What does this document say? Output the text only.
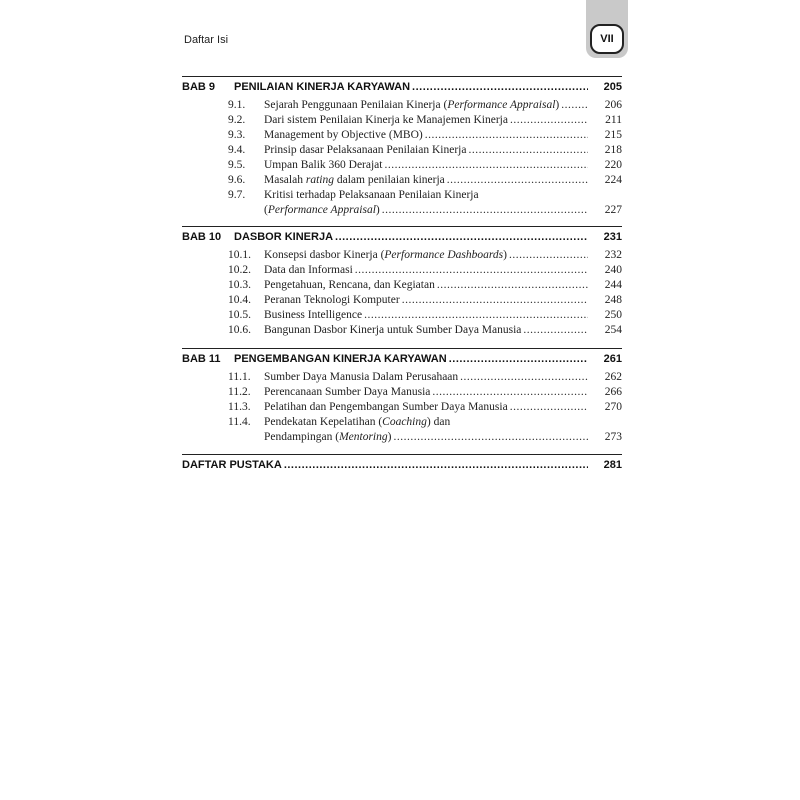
Daftar Isi	VII
BAB 9	PENILAIAN KINERJA KARYAWAN .....	205
9.1.	Sejarah Penggunaan Penilaian Kinerja (Performance Appraisal) .....	206
9.2.	Dari sistem Penilaian Kinerja ke Manajemen Kinerja .....	211
9.3.	Management by Objective (MBO) .....	215
9.4.	Prinsip dasar Pelaksanaan Penilaian Kinerja .....	218
9.5.	Umpan Balik 360 Derajat .....	220
9.6.	Masalah rating dalam penilaian kinerja .....	224
9.7.	Kritisi terhadap Pelaksanaan Penilaian Kinerja
(Performance Appraisal) .....	227
BAB 10	DASBOR KINERJA .....	231
10.1.	Konsepsi dasbor Kinerja (Performance Dashboards) .....	232
10.2.	Data dan Informasi .....	240
10.3.	Pengetahuan, Rencana, dan Kegiatan .....	244
10.4.	Peranan Teknologi Komputer .....	248
10.5.	Business Intelligence .....	250
10.6.	Bangunan Dasbor Kinerja untuk Sumber Daya Manusia .....	254
BAB 11	PENGEMBANGAN KINERJA KARYAWAN .....	261
11.1.	Sumber Daya Manusia Dalam Perusahaan .....	262
11.2.	Perencanaan Sumber Daya Manusia .....	266
11.3.	Pelatihan dan Pengembangan Sumber Daya Manusia .....	270
11.4.	Pendekatan Kepelatihan (Coaching) dan
Pendampingan (Mentoring) .....	273
DAFTAR PUSTAKA .....	281
